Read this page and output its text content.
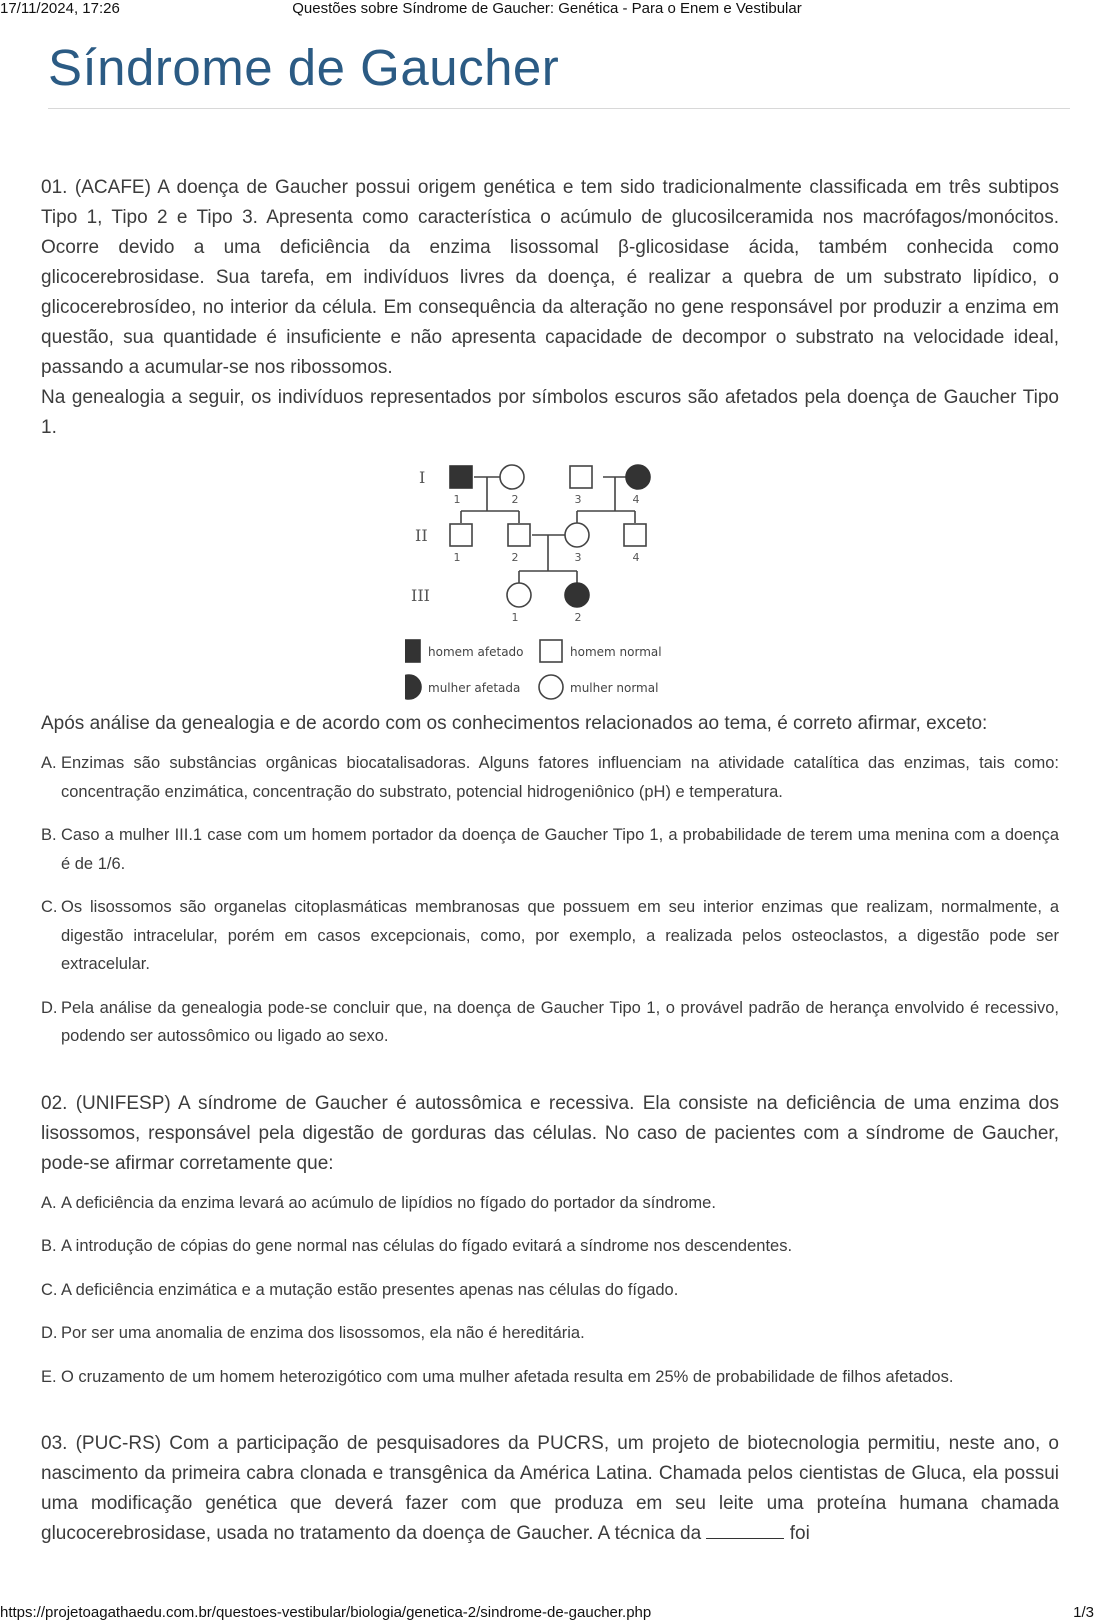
17/11/2024, 17:26	Questões sobre Síndrome de Gaucher: Genética - Para o Enem e Vestibular
Síndrome de Gaucher

01. (ACAFE) A doença de Gaucher possui origem genética e tem sido tradicionalmente classificada em três subtipos Tipo 1, Tipo 2 e Tipo 3. Apresenta como característica o acúmulo de glucosilceramida nos macrófagos/monócitos. Ocorre devido a uma deficiência da enzima lisossomal β-glicosidase ácida, também conhecida como glicocerebrosidase. Sua tarefa, em indivíduos livres da doença, é realizar a quebra de um substrato lipídico, o glicocerebrosídeo, no interior da célula. Em consequência da alteração no gene responsável por produzir a enzima em questão, sua quantidade é insuficiente e não apresenta capacidade de decompor o substrato na velocidade ideal, passando a acumular-se nos ribossomos.

Na genealogia a seguir, os indivíduos representados por símbolos escuros são afetados pela doença de Gaucher Tipo 1.

I
II
III
1	2	3	4
1	2	3	4
1	2
homem afetado	homem normal
mulher afetada	mulher normal

Após análise da genealogia e de acordo com os conhecimentos relacionados ao tema, é correto afirmar, exceto:

A. Enzimas são substâncias orgânicas biocatalisadoras. Alguns fatores influenciam na atividade catalítica das enzimas, tais como: concentração enzimática, concentração do substrato, potencial hidrogeniônico (pH) e temperatura.
B. Caso a mulher III.1 case com um homem portador da doença de Gaucher Tipo 1, a probabilidade de terem uma menina com a doença é de 1/6.
C. Os lisossomos são organelas citoplasmáticas membranosas que possuem em seu interior enzimas que realizam, normalmente, a digestão intracelular, porém em casos excepcionais, como, por exemplo, a realizada pelos osteoclastos, a digestão pode ser extracelular.
D. Pela análise da genealogia pode-se concluir que, na doença de Gaucher Tipo 1, o provável padrão de herança envolvido é recessivo, podendo ser autossômico ou ligado ao sexo.

02. (UNIFESP) A síndrome de Gaucher é autossômica e recessiva. Ela consiste na deficiência de uma enzima dos lisossomos, responsável pela digestão de gorduras das células. No caso de pacientes com a síndrome de Gaucher, pode-se afirmar corretamente que:

A. A deficiência da enzima levará ao acúmulo de lipídios no fígado do portador da síndrome.
B. A introdução de cópias do gene normal nas células do fígado evitará a síndrome nos descendentes.
C. A deficiência enzimática e a mutação estão presentes apenas nas células do fígado.
D. Por ser uma anomalia de enzima dos lisossomos, ela não é hereditária.
E. O cruzamento de um homem heterozigótico com uma mulher afetada resulta em 25% de probabilidade de filhos afetados.

03. (PUC-RS) Com a participação de pesquisadores da PUCRS, um projeto de biotecnologia permitiu, neste ano, o nascimento da primeira cabra clonada e transgênica da América Latina. Chamada pelos cientistas de Gluca, ela possui uma modificação genética que deverá fazer com que produza em seu leite uma proteína humana chamada glucocerebrosidase, usada no tratamento da doença de Gaucher. A técnica da	foi

https://projetoagathaedu.com.br/questoes-vestibular/biologia/genetica-2/sindrome-de-gaucher.php	1/3
